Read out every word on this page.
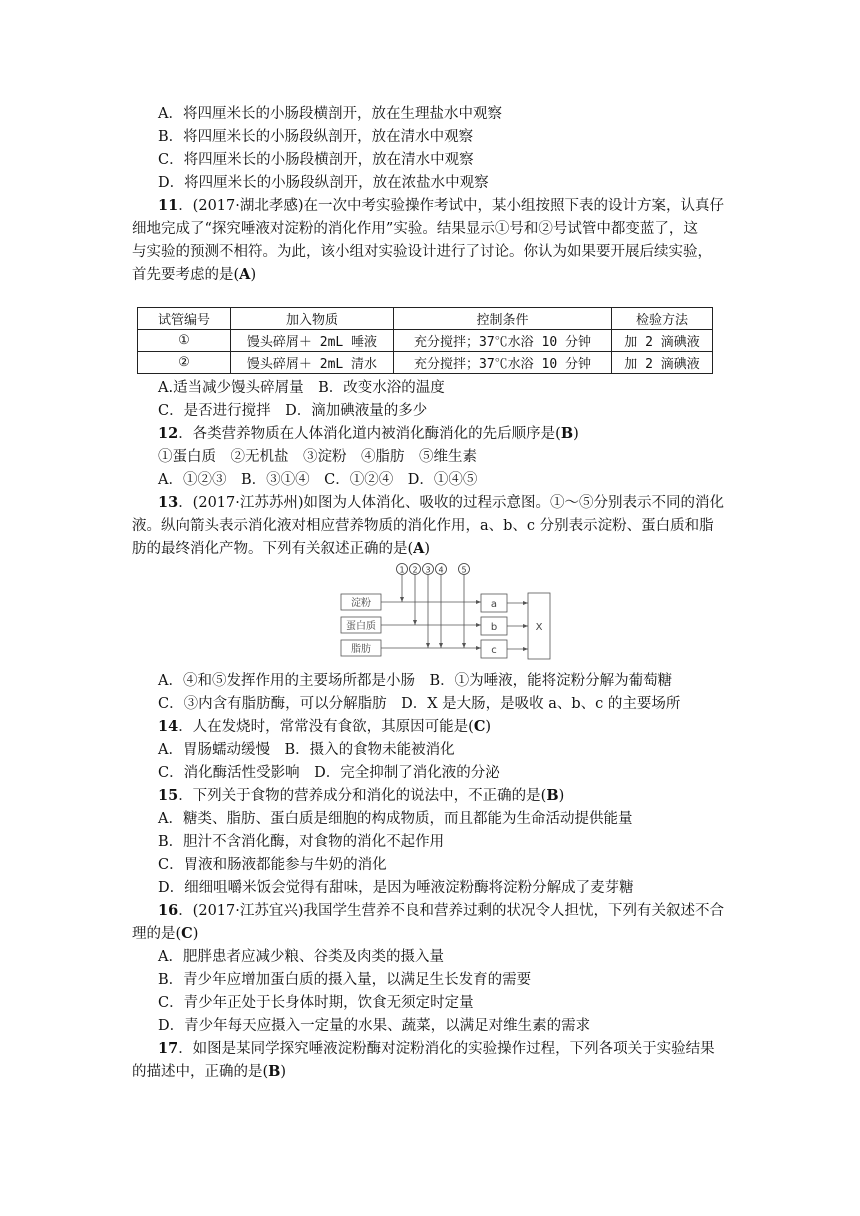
A．将四厘米长的小肠段横剖开，放在生理盐水中观察
B．将四厘米长的小肠段纵剖开，放在清水中观察
C．将四厘米长的小肠段横剖开，放在清水中观察
D．将四厘米长的小肠段纵剖开，放在浓盐水中观察
11．(2017·湖北孝感)在一次中考实验操作考试中，某小组按照下表的设计方案，认真仔
细地完成了“探究唾液对淀粉的消化作用”实验。结果显示①号和②号试管中都变蓝了，这
与实验的预测不相符。为此，该小组对实验设计进行了讨论。你认为如果要开展后续实验，
首先要考虑的是(A)
试管编号	加入物质	控制条件	检验方法
①	馒头碎屑＋ 2mL 唾液	充分搅拌；37℃水浴 10 分钟	加 2 滴碘液
②	馒头碎屑＋ 2mL 清水	充分搅拌；37℃水浴 10 分钟	加 2 滴碘液
A.适当减少馒头碎屑量　B．改变水浴的温度
C．是否进行搅拌　D．滴加碘液量的多少
12．各类营养物质在人体消化道内被消化酶消化的先后顺序是(B)
①蛋白质　②无机盐　③淀粉　④脂肪　⑤维生素
A．①②③　B．③①④　C．①②④　D．①④⑤
13．(2017·江苏苏州)如图为人体消化、吸收的过程示意图。①～⑤分别表示不同的消化
液。纵向箭头表示消化液对相应营养物质的消化作用，a、b、c 分别表示淀粉、蛋白质和脂
肪的最终消化产物。下列有关叙述正确的是(A)
1 2 3 4 5
淀粉
蛋白质
脂肪
a
b
c
X
A．④和⑤发挥作用的主要场所都是小肠　B．①为唾液，能将淀粉分解为葡萄糖
C．③内含有脂肪酶，可以分解脂肪　D．X 是大肠，是吸收 a、b、c 的主要场所
14．人在发烧时，常常没有食欲，其原因可能是(C)
A．胃肠蠕动缓慢　B．摄入的食物未能被消化
C．消化酶活性受影响　D．完全抑制了消化液的分泌
15．下列关于食物的营养成分和消化的说法中，不正确的是(B)
A．糖类、脂肪、蛋白质是细胞的构成物质，而且都能为生命活动提供能量
B．胆汁不含消化酶，对食物的消化不起作用
C．胃液和肠液都能参与牛奶的消化
D．细细咀嚼米饭会觉得有甜味，是因为唾液淀粉酶将淀粉分解成了麦芽糖
16．(2017·江苏宜兴)我国学生营养不良和营养过剩的状况令人担忧，下列有关叙述不合
理的是(C)
A．肥胖患者应减少粮、谷类及肉类的摄入量
B．青少年应增加蛋白质的摄入量，以满足生长发育的需要
C．青少年正处于长身体时期，饮食无须定时定量
D．青少年每天应摄入一定量的水果、蔬菜，以满足对维生素的需求
17．如图是某同学探究唾液淀粉酶对淀粉消化的实验操作过程，下列各项关于实验结果
的描述中，正确的是(B)
